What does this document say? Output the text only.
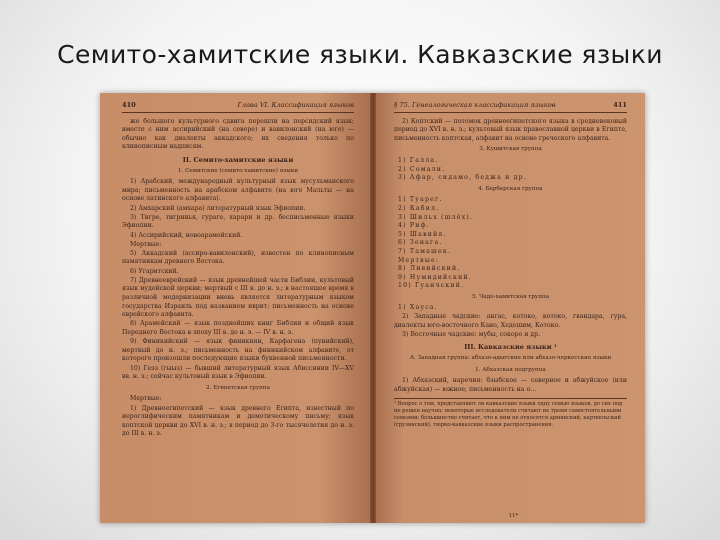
Семито-хамитские языки. Кавказские языки
410	Глава VI. Классификация языков

же большого культурного сдвига перешли на персидский язык; вместе с ним ассирийский (на севере) и вавилонский (на юге) — обычно как диалекты аккадского; их сведения только по клинописным надписям.

II. Семито-хамитские языки
1. Семитские (семито-хамитские) языки

1) Арабский, международный культурный язык мусульманского мира; письменность на арабском алфавите (на юге Мальты — на основе латинского алфавита).

2) Амхарский (амхара) литературный язык Эфиопии.

3) Тигре, тигринья, гураге, харари и др. бесписьменные языки Эфиопии.

4) Ассирийский, новоарамейский.

Мертвые:

5) Аккадский (ассиро-вавилонский), известен по клинописным памятникам древнего Востока.

6) Угаритский.

7) Древнееврейский — язык древнейшей части Библии, культовый язык иудейской церкви; мертвый с III в. до н. э.; в настоящее время в различной модернизации вновь является литературным языком государства Израиль под названием иврит; письменность на основе еврейского алфавита.

8) Арамейский — язык позднейших книг Библии и общий язык Переднего Востока в эпоху III в. до н. э. — IV в. н. э.

9) Финикийский — язык финикиян, Карфагена (пунийский), мертвый до н. э.; письменность на финикийском алфавите, от которого произошли последующие языки буквенной письменности.

10) Геэз (гыыз) — бывший литературный язык Абиссинии IV—XV вв. н. э.; сейчас культовый язык в Эфиопии.

2. Египетская группа

Мертвые:

1) Древнеегипетский — язык древнего Египта, известный по иероглифическим памятникам и демотическому письму; язык коптской церкви до XVI в. н. э.; в период до 3-го тысячелетия до н. э. до III в. н. э.

§ 75. Генеалогическая классификация языков	411

2) Коптский — потомок древнеегипетского языка в средневековый период до XVI в. н. э.; культовый язык православной церкви в Египте, письменность коптская, алфавит на основе греческого алфавита.

3. Кушитская группа

1) Галла.

2) Сомали.

3) Афар, сидамо, беджа и др.

4. Берберская группа

1) Туарег.

2) Кабил.

3) Шильх (шлёх).

4) Риф.

5) Шавийя.

6) Зенага.

7) Тамашек.

Мертвые:

8) Ливийский.

9) Нумидийский.

10) Гуанчский.

5. Чадо-хамитская группа

1) Хауса.

2) Западные чадские: ангас, котоко, котоко, гвандара, гура, диалекты юго-восточного Кано, Хедешим, Котоко.

3) Восточные чадские: мубы, сокоро и др.

III. Кавказские языки ¹
А. Западная группа: абхазо-адыгские или абхазо-черкесские языки
1. Абхазская подгруппа

1) Абхазский, наречия: бзыбское — северное и абжуйское (или абжуйская) — южное; письменность на о...

¹ Вопрос о том, представляют ли кавказские языки одну семью языков, до сих пор не решен научно; некоторые исследователи считают их тремя самостоятельными семьями; большинство считает, что к ним не относятся армянский, картвельский (грузинский), тюрко-кавказские языки распространения.
11*
